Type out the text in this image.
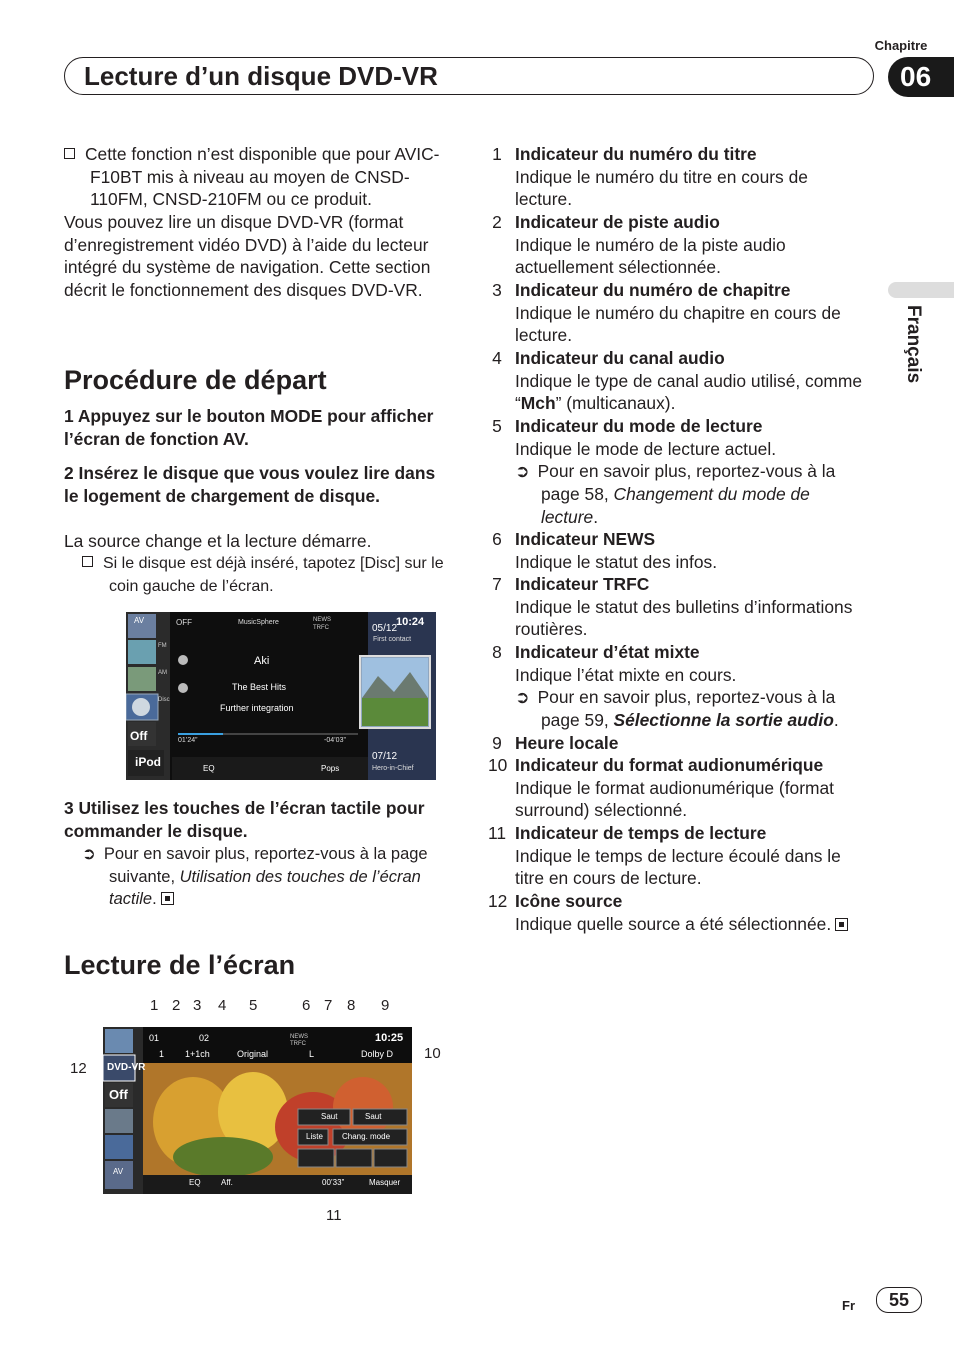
Chapitre
06
Lecture d’un disque DVD-VR
Français
Cette fonction n’est disponible que pour AVIC-F10BT mis à niveau au moyen de CNSD-110FM, CNSD-210FM ou ce produit.
Vous pouvez lire un disque DVD-VR (format d’enregistrement vidéo DVD) à l’aide du lecteur intégré du système de navigation. Cette section décrit le fonctionnement des disques DVD-VR.
Procédure de départ
1 Appuyez sur le bouton MODE pour afficher l’écran de fonction AV.
2 Insérez le disque que vous voulez lire dans le logement de chargement de disque.
La source change et la lecture démarre.
Si le disque est déjà inséré, tapotez [Disc] sur le coin gauche de l’écran.
OFF	MusicSphere	NEWS
TRFC	10:24
05/12
First contact
Aki
The Best Hits
Further integration
01’24”	-04’03”
07/12
Hero-in-Chief
EQ	Pops
Off
iPod
AV
FM
AM
Disc
3 Utilisez les touches de l’écran tactile pour commander le disque.
➲ Pour en savoir plus, reportez-vous à la page suivante, Utilisation des touches de l’écran tactile.
Lecture de l’écran
1 2 3 4 5	6 7 8 9
12
10
11
01
1
02
1+1ch	Original
NEWS
TRFC
L
10:25
Dolby D
DVD-VR
Off
AV
Saut	Saut
Liste Chang. mode
EQ	Aff.	00’33”	Masquer
1 Indicateur du numéro du titre
Indique le numéro du titre en cours de lecture.
2 Indicateur de piste audio
Indique le numéro de la piste audio actuellement sélectionnée.
3 Indicateur du numéro de chapitre
Indique le numéro du chapitre en cours de lecture.
4 Indicateur du canal audio
Indique le type de canal audio utilisé, comme “Mch” (multicanaux).
5 Indicateur du mode de lecture
Indique le mode de lecture actuel.
➲ Pour en savoir plus, reportez-vous à la page 58, Changement du mode de lecture.
6 Indicateur NEWS
Indique le statut des infos.
7 Indicateur TRFC
Indique le statut des bulletins d’informations routières.
8 Indicateur d’état mixte
Indique l’état mixte en cours.
➲ Pour en savoir plus, reportez-vous à la page 59, Sélectionne la sortie audio.
9 Heure locale
10 Indicateur du format audionumérique
Indique le format audionumérique (format surround) sélectionné.
11 Indicateur de temps de lecture
Indique le temps de lecture écoulé dans le titre en cours de lecture.
12 Icône source
Indique quelle source a été sélectionnée.
Fr	55
